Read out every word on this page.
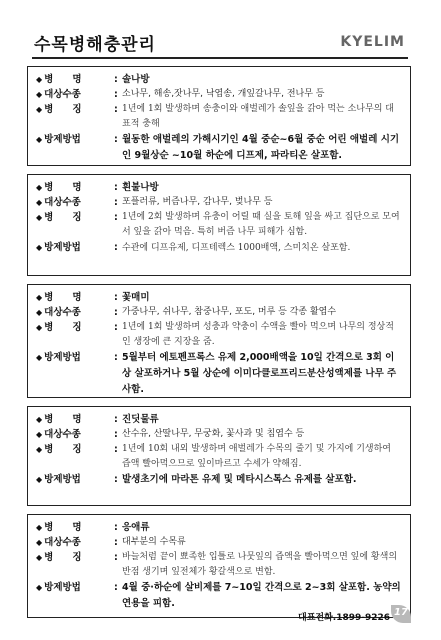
수목병해충관리	KYELIM
◆ 병　　명	: 솔나방
◆ 대상수종	: 소나무, 해송,잣나무, 낙엽송, 개잎갈나무, 전나무 등
◆ 병　　징	: 1년에 1회 발생하며 송충이와 애벌레가 솔잎을 갉아 먹는 소나무의 대표적 충해
◆ 방제방법	: 월동한 애벌레의 가해시기인 4월 중순~6월 중순 어린 애벌레 시기인 9월상순 ~10월 하순에 디프제, 파라티온 살포함.
◆ 병　　명	: 흰불나방
◆ 대상수종	: 포플러류, 버즘나무, 감나무, 벚나무 등
◆ 병　　징	: 1년에 2회 발생하며 유충이 어릴 때 실을 토해 잎을 싸고 집단으로 모여서 잎을 갉아 먹음. 특히 버즘 나무 피해가 심함.
◆ 방제방법	: 수관에 디프유제, 디프테렉스 1000배액, 스미치온 살포함.
◆ 병　　명	: 꽃매미
◆ 대상수종	: 가중나무, 쉬나무, 참중나무, 포도, 머루 등 각종 활엽수
◆ 병　　징	: 1년에 1회 발생하며 성충과 약충이 수액을 빨아 먹으며 나무의 정상적인 생장에 큰 지장을 줌.
◆ 방제방법	: 5월부터 에토펜프록스 유제 2,000배액을 10일 간격으로 3회 이상 살포하거나 5월 상순에 이미다클로프리드분산성액제를 나무 주사함.
◆ 병　　명	: 진딧물류
◆ 대상수종	: 산수유, 산딸나무, 무궁화, 꽃사과 및 침엽수 등
◆ 병　　징	: 1년에 10회 내외 발생하며 애벌레가 수목의 줄기 및 가지에 기생하여 즙액 빨아먹으므로 잎이마르고 수세가 약해짐.
◆ 방제방법	: 발생초기에 마라톤 유제 및 메타시스톡스 유제를 살포함.
◆ 병　　명	: 응애류
◆ 대상수종	: 대부분의 수목류
◆ 병　　징	: 바늘처럼 끝이 뾰족한 입틀로 나뭇잎의 즙액을 빨아먹으면 잎에 황색의 반점 생기며 잎전체가 황갈색으로 변함.
◆ 방제방법	: 4월 중·하순에 살비제를 7~10일 간격으로 2~3회 살포함. 농약의 연용을 피함.
대표전화.1899-9226 17
